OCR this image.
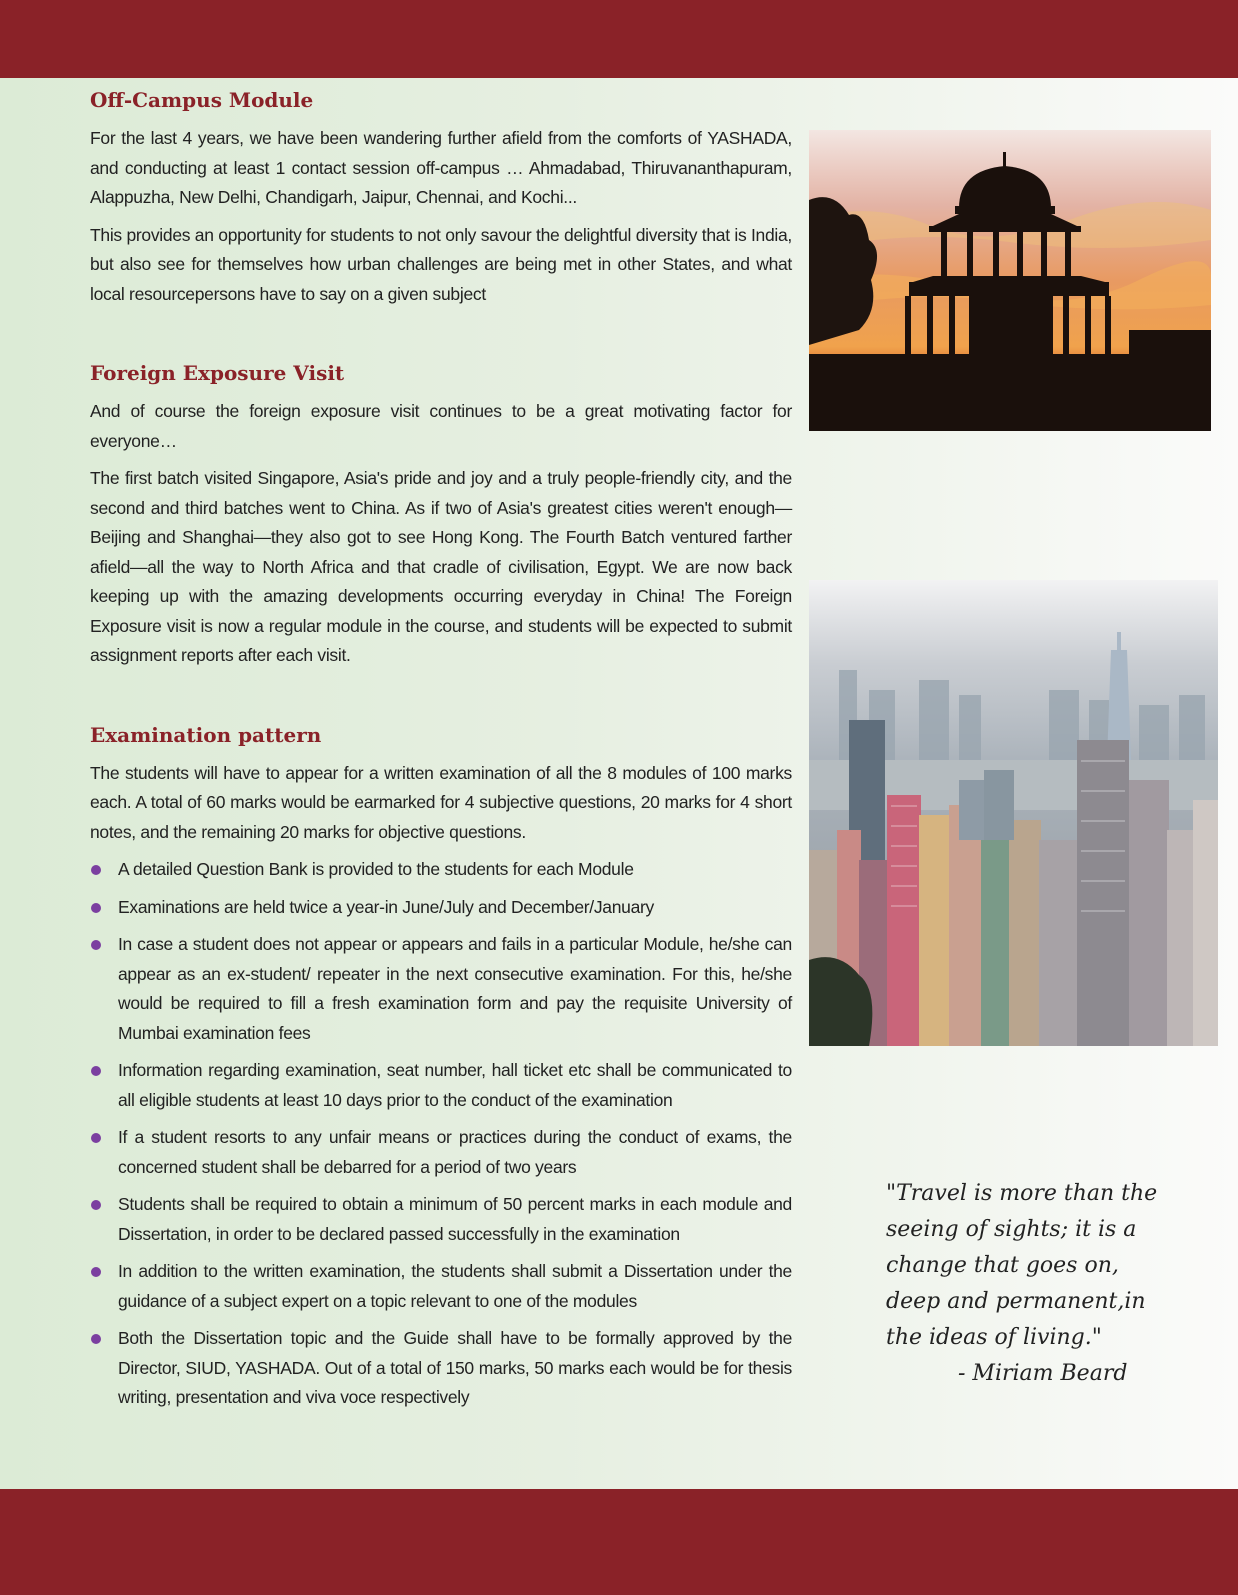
Off-Campus Module

For the last 4 years, we have been wandering further afield from the comforts of YASHADA, and conducting at least 1 contact session off-campus … Ahmadabad, Thiruvananthapuram, Alappuzha, New Delhi, Chandigarh, Jaipur, Chennai, and Kochi...

This provides an opportunity for students to not only savour the delightful diversity that is India, but also see for themselves how urban challenges are being met in other States, and what local resourcepersons have to say on a given subject

Foreign Exposure Visit

And of course the foreign exposure visit continues to be a great motivating factor for everyone…

The first batch visited Singapore, Asia's pride and joy and a truly people-friendly city, and the second and third batches went to China. As if two of Asia's greatest cities weren't enough—Beijing and Shanghai—they also got to see Hong Kong. The Fourth Batch ventured farther afield—all the way to North Africa and that cradle of civilisation, Egypt. We are now back keeping up with the amazing developments occurring everyday in China! The Foreign Exposure visit is now a regular module in the course, and students will be expected to submit assignment reports after each visit.

Examination pattern

The students will have to appear for a written examination of all the 8 modules of 100 marks each. A total of 60 marks would be earmarked for 4 subjective questions, 20 marks for 4 short notes, and the remaining 20 marks for objective questions.

A detailed Question Bank is provided to the students for each Module
Examinations are held twice a year-in June/July and December/January
In case a student does not appear or appears and fails in a particular Module, he/she can appear as an ex-student/ repeater in the next consecutive examination. For this, he/she would be required to fill a fresh examination form and pay the requisite University of Mumbai examination fees
Information regarding examination, seat number, hall ticket etc shall be communicated to all eligible students at least 10 days prior to the conduct of the examination
If a student resorts to any unfair means or practices during the conduct of exams, the concerned student shall be debarred for a period of two years
Students shall be required to obtain a minimum of 50 percent marks in each module and Dissertation, in order to be declared passed successfully in the examination
In addition to the written examination, the students shall submit a Dissertation under the guidance of a subject expert on a topic relevant to one of the modules
Both the Dissertation topic and the Guide shall have to be formally approved by the Director, SIUD, YASHADA. Out of a total of 150 marks, 50 marks each would be for thesis writing, presentation and viva voce respectively
"Travel is more than the
seeing of sights; it is a
change that goes on,
deep and permanent,in
the ideas of living."
- Miriam Beard
